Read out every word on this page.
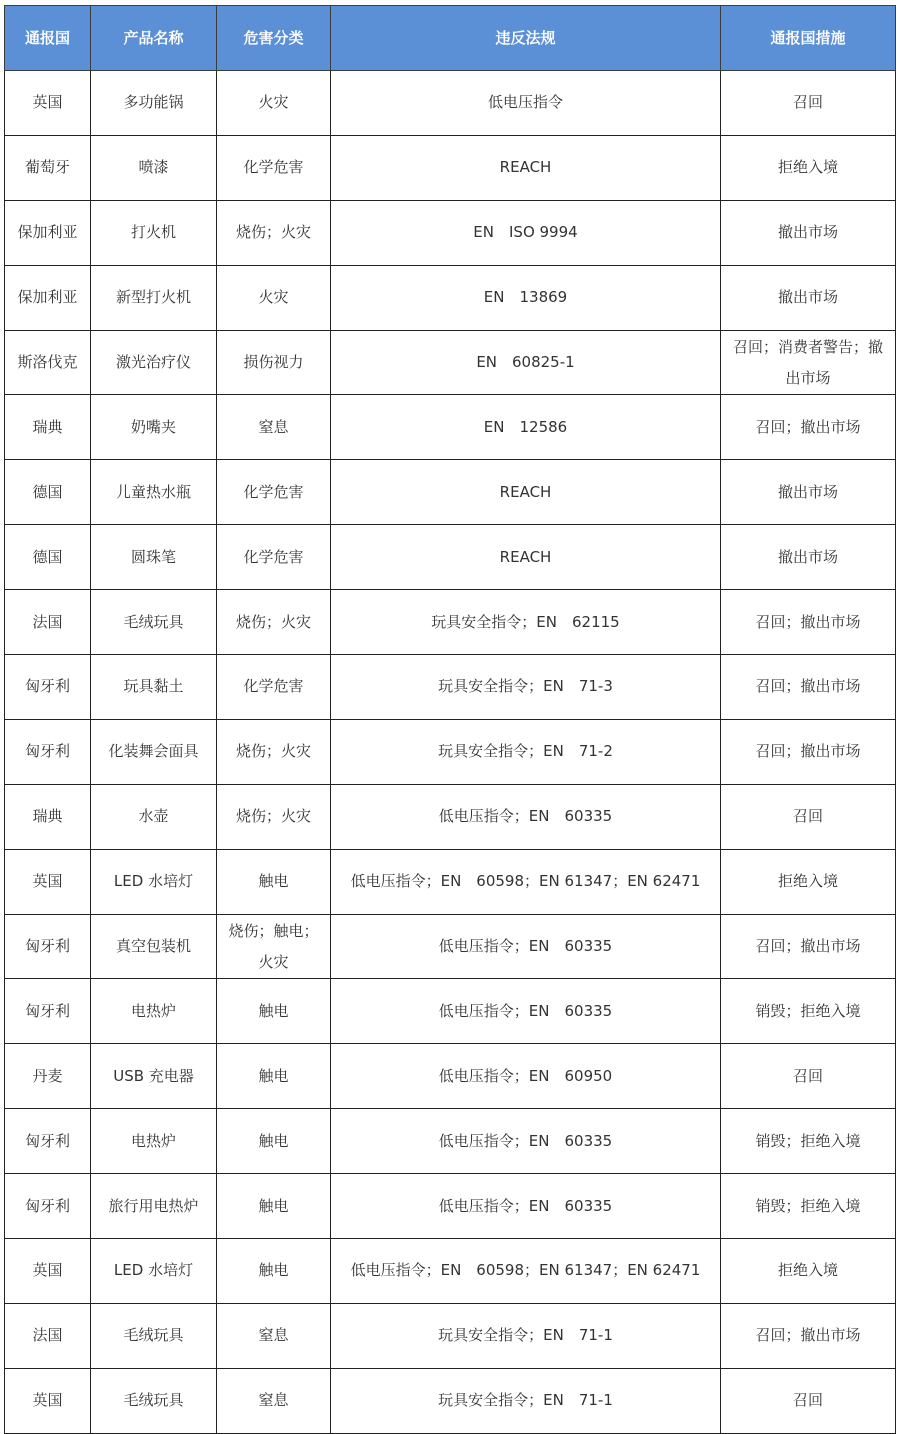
通报国	产品名称	危害分类	违反法规	通报国措施
英国	多功能锅	火灾	低电压指令	召回
葡萄牙	喷漆	化学危害	REACH	拒绝入境
保加利亚	打火机	烧伤；火灾	EN　ISO 9994	撤出市场
保加利亚	新型打火机	火灾	EN　13869	撤出市场
斯洛伐克	激光治疗仪	损伤视力	EN　60825-1	召回；消费者警告；撤出市场
瑞典	奶嘴夹	窒息	EN　12586	召回；撤出市场
德国	儿童热水瓶	化学危害	REACH	撤出市场
德国	圆珠笔	化学危害	REACH	撤出市场
法国	毛绒玩具	烧伤；火灾	玩具安全指令；EN　62115	召回；撤出市场
匈牙利	玩具黏土	化学危害	玩具安全指令；EN　71-3	召回；撤出市场
匈牙利	化装舞会面具	烧伤；火灾	玩具安全指令；EN　71-2	召回；撤出市场
瑞典	水壶	烧伤；火灾	低电压指令；EN　60335	召回
英国	LED 水培灯	触电	低电压指令；EN　60598；EN 61347；EN 62471	拒绝入境
匈牙利	真空包装机	烧伤；触电；火灾	低电压指令；EN　60335	召回；撤出市场
匈牙利	电热炉	触电	低电压指令；EN　60335	销毁；拒绝入境
丹麦	USB 充电器	触电	低电压指令；EN　60950	召回
匈牙利	电热炉	触电	低电压指令；EN　60335	销毁；拒绝入境
匈牙利	旅行用电热炉	触电	低电压指令；EN　60335	销毁；拒绝入境
英国	LED 水培灯	触电	低电压指令；EN　60598；EN 61347；EN 62471	拒绝入境
法国	毛绒玩具	窒息	玩具安全指令；EN　71-1	召回；撤出市场
英国	毛绒玩具	窒息	玩具安全指令；EN　71-1	召回
